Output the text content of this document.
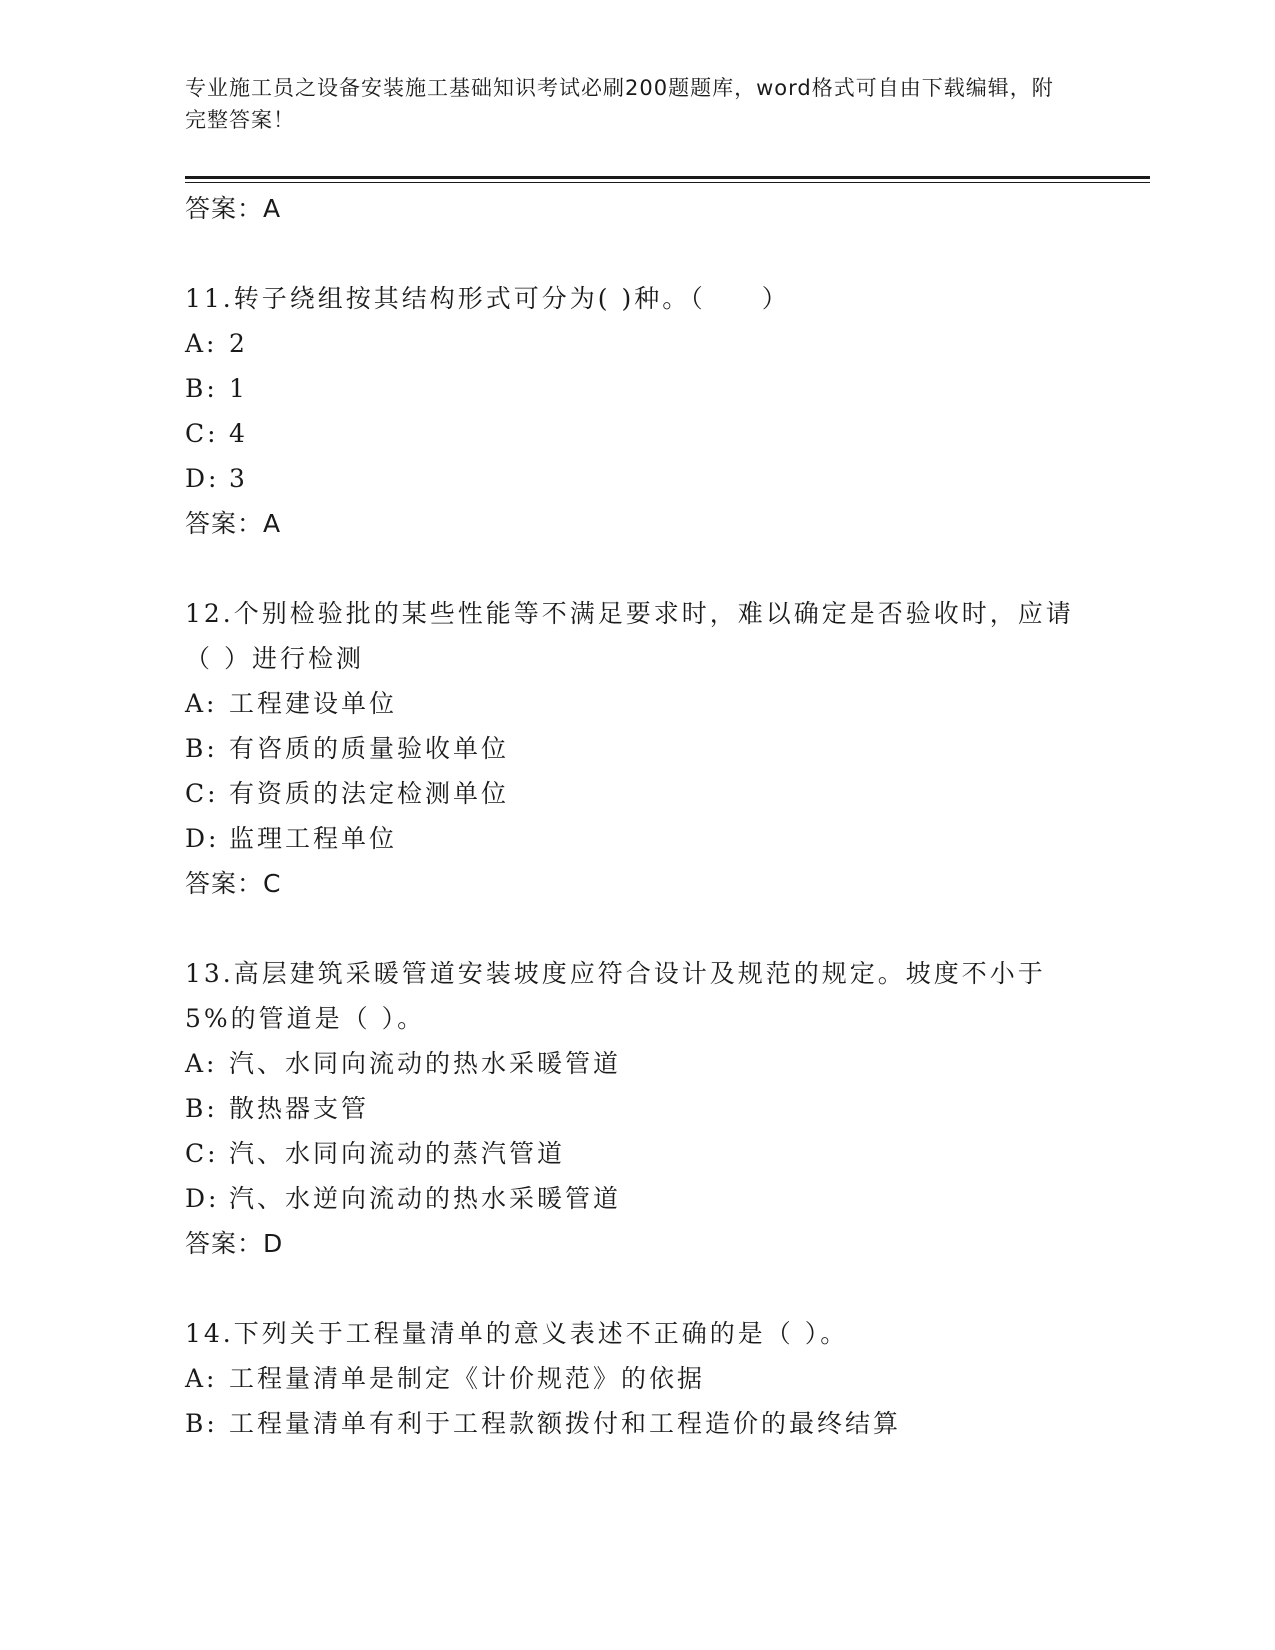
专业施工员之设备安装施工基础知识考试必刷200题题库，word格式可自由下载编辑，附完整答案！
答案：A
11.转子绕组按其结构形式可分为( )种。（　　）
A: 2
B: 1
C: 4
D: 3
答案：A
12.个别检验批的某些性能等不满足要求时，难以确定是否验收时，应请（ ）进行检测
A: 工程建设单位
B: 有咨质的质量验收单位
C: 有资质的法定检测单位
D: 监理工程单位
答案：C
13.高层建筑采暖管道安装坡度应符合设计及规范的规定。坡度不小于5%的管道是（ ）。
A: 汽、水同向流动的热水采暖管道
B: 散热器支管
C: 汽、水同向流动的蒸汽管道
D: 汽、水逆向流动的热水采暖管道
答案：D
14.下列关于工程量清单的意义表述不正确的是（ ）。
A: 工程量清单是制定《计价规范》的依据
B: 工程量清单有利于工程款额拨付和工程造价的最终结算
